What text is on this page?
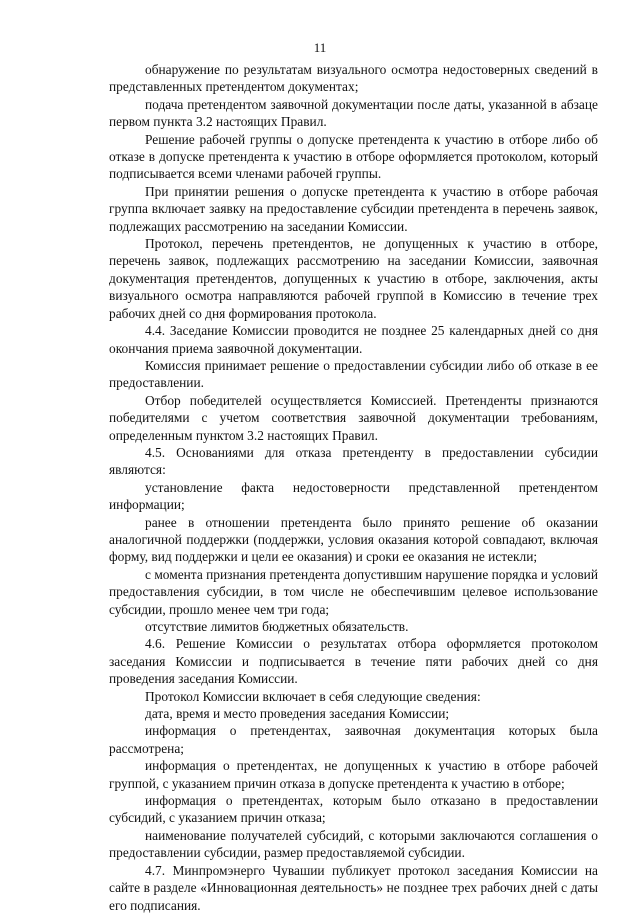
11

обнаружение по результатам визуального осмотра недостоверных сведений в представленных претендентом документах;

подача претендентом заявочной документации после даты, указанной в абзаце первом пункта 3.2 настоящих Правил.

Решение рабочей группы о допуске претендента к участию в отборе либо об отказе в допуске претендента к участию в отборе оформляется протоколом, который подписывается всеми членами рабочей группы.

При принятии решения о допуске претендента к участию в отборе рабочая группа включает заявку на предоставление субсидии претендента в перечень заявок, подлежащих рассмотрению на заседании Комиссии.

Протокол, перечень претендентов, не допущенных к участию в отборе, перечень заявок, подлежащих рассмотрению на заседании Комиссии, заявочная документация претендентов, допущенных к участию в отборе, заключения, акты визуального осмотра направляются рабочей группой в Комиссию в течение трех рабочих дней со дня формирования протокола.

4.4. Заседание Комиссии проводится не позднее 25 календарных дней со дня окончания приема заявочной документации.

Комиссия принимает решение о предоставлении субсидии либо об отказе в ее предоставлении.

Отбор победителей осуществляется Комиссией. Претенденты признаются победителями с учетом соответствия заявочной документации требованиям, определенным пунктом 3.2 настоящих Правил.

4.5. Основаниями для отказа претенденту в предоставлении субсидии являются:

установление факта недостоверности представленной претендентом информации;

ранее в отношении претендента было принято решение об оказании аналогичной поддержки (поддержки, условия оказания которой совпадают, включая форму, вид поддержки и цели ее оказания) и сроки ее оказания не истекли;

с момента признания претендента допустившим нарушение порядка и условий предоставления субсидии, в том числе не обеспечившим целевое использование субсидии, прошло менее чем три года;

отсутствие лимитов бюджетных обязательств.

4.6. Решение Комиссии о результатах отбора оформляется протоколом заседания Комиссии и подписывается в течение пяти рабочих дней со дня проведения заседания Комиссии.

Протокол Комиссии включает в себя следующие сведения:

дата, время и место проведения заседания Комиссии;

информация о претендентах, заявочная документация которых была рассмотрена;

информация о претендентах, не допущенных к участию в отборе рабочей группой, с указанием причин отказа в допуске претендента к участию в отборе;

информация о претендентах, которым было отказано в предоставлении субсидий, с указанием причин отказа;

наименование получателей субсидий, с которыми заключаются соглашения о предоставлении субсидии, размер предоставляемой субсидии.

4.7. Минпромэнерго Чувашии публикует протокол заседания Комиссии на сайте в разделе «Инновационная деятельность» не позднее трех рабочих дней с даты его подписания.
